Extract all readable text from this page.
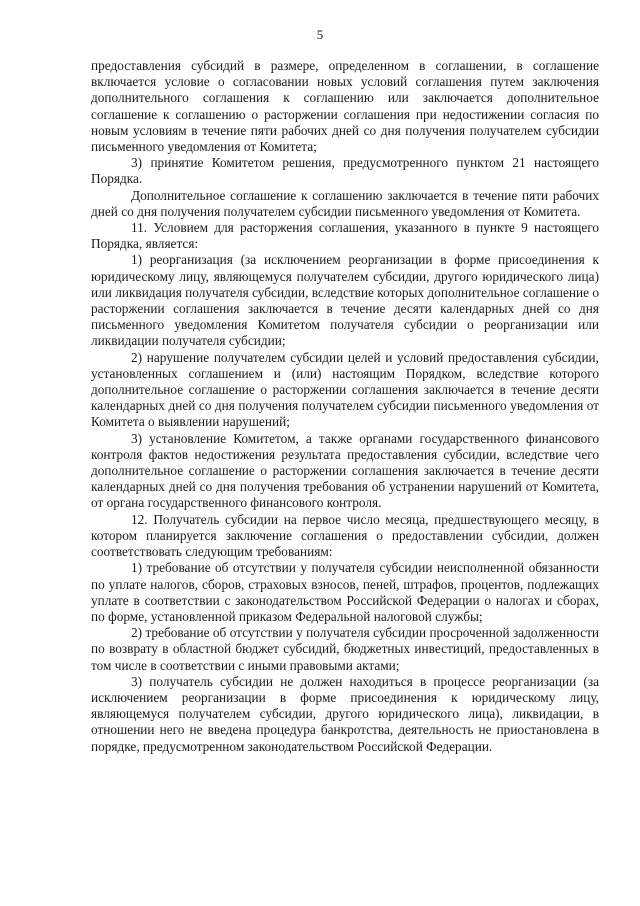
5

предоставления субсидий в размере, определенном в соглашении, в соглашение включается условие о согласовании новых условий соглашения путем заключения дополнительного соглашения к соглашению или заключается дополнительное соглашение к соглашению о расторжении соглашения при недостижении согласия по новым условиям в течение пяти рабочих дней со дня получения получателем субсидии письменного уведомления от Комитета;

3) принятие Комитетом решения, предусмотренного пунктом 21 настоящего Порядка.

Дополнительное соглашение к соглашению заключается в течение пяти рабочих дней со дня получения получателем субсидии письменного уведомления от Комитета.

11. Условием для расторжения соглашения, указанного в пункте 9 настоящего Порядка, является:

1) реорганизация (за исключением реорганизации в форме присоединения к юридическому лицу, являющемуся получателем субсидии, другого юридического лица) или ликвидация получателя субсидии, вследствие которых дополнительное соглашение о расторжении соглашения заключается в течение десяти календарных дней со дня письменного уведомления Комитетом получателя субсидии о реорганизации или ликвидации получателя субсидии;

2) нарушение получателем субсидии целей и условий предоставления субсидии, установленных соглашением и (или) настоящим Порядком, вследствие которого дополнительное соглашение о расторжении соглашения заключается в течение десяти календарных дней со дня получения получателем субсидии письменного уведомления от Комитета о выявлении нарушений;

3) установление Комитетом, а также органами государственного финансового контроля фактов недостижения результата предоставления субсидии, вследствие чего дополнительное соглашение о расторжении соглашения заключается в течение десяти календарных дней со дня получения требования об устранении нарушений от Комитета, от органа государственного финансового контроля.

12. Получатель субсидии на первое число месяца, предшествующего месяцу, в котором планируется заключение соглашения о предоставлении субсидии, должен соответствовать следующим требованиям:

1) требование об отсутствии у получателя субсидии неисполненной обязанности по уплате налогов, сборов, страховых взносов, пеней, штрафов, процентов, подлежащих уплате в соответствии с законодательством Российской Федерации о налогах и сборах, по форме, установленной приказом Федеральной налоговой службы;

2) требование об отсутствии у получателя субсидии просроченной задолженности по возврату в областной бюджет субсидий, бюджетных инвестиций, предоставленных в том числе в соответствии с иными правовыми актами;

3) получатель субсидии не должен находиться в процессе реорганизации (за исключением реорганизации в форме присоединения к юридическому лицу, являющемуся получателем субсидии, другого юридического лица), ликвидации, в отношении него не введена процедура банкротства, деятельность не приостановлена в порядке, предусмотренном законодательством Российской Федерации.
